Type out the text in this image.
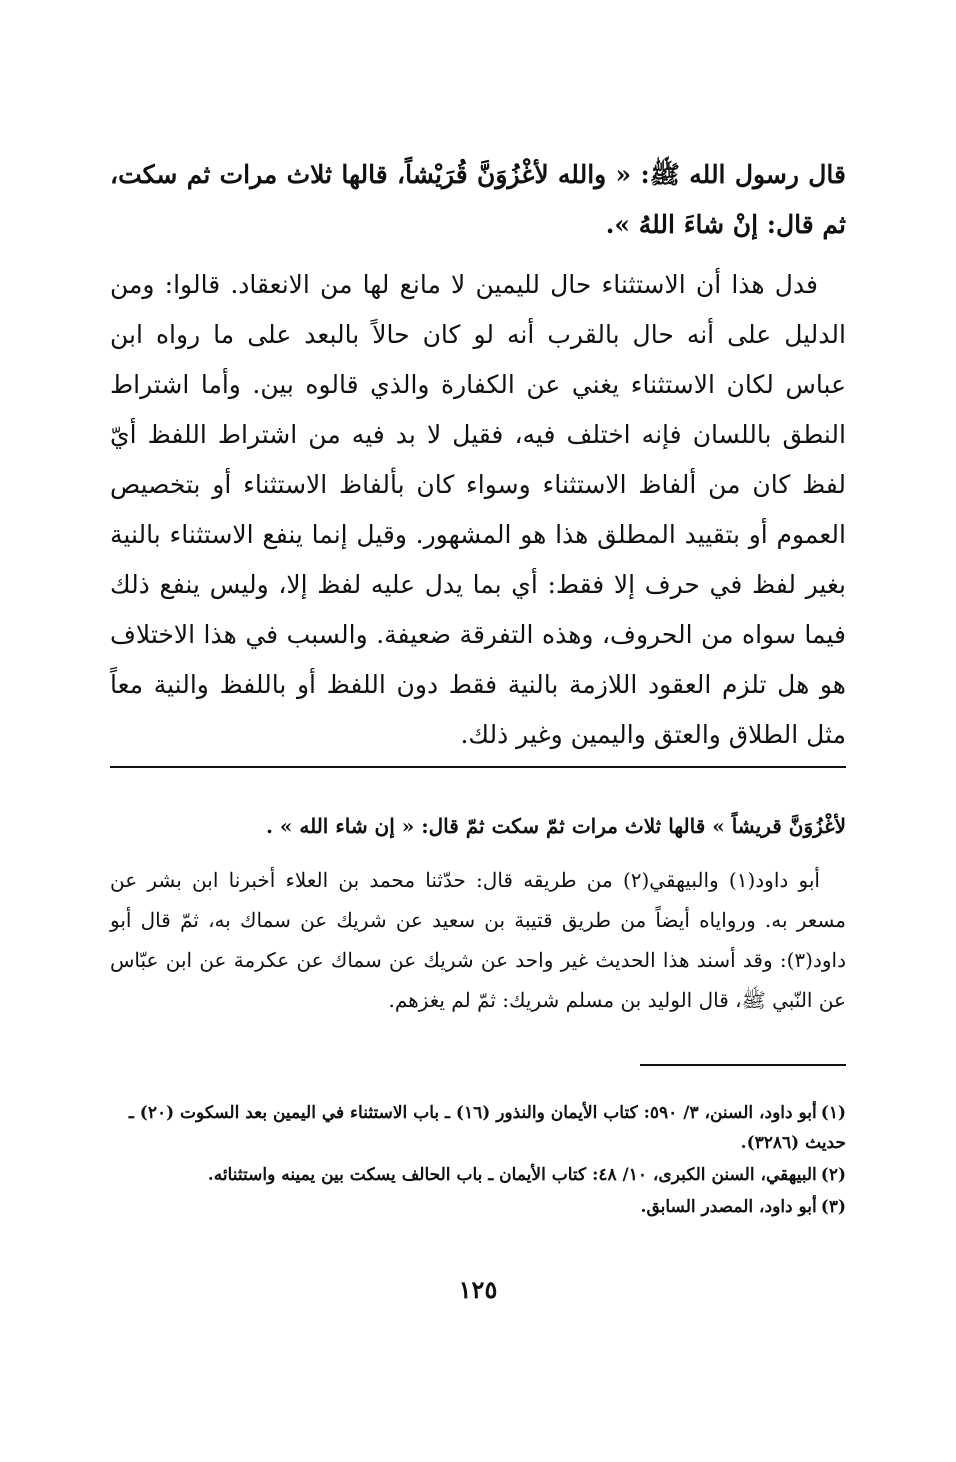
قال رسول الله ﷺ: « والله لأغْزُوَنَّ قُرَيْشاً، قالها ثلاث مرات ثم سكت، ثم قال: إنْ شاءَ اللهُ ».

فدل هذا أن الاستثناء حال لليمين لا مانع لها من الانعقاد. قالوا: ومن الدليل على أنه حال بالقرب أنه لو كان حالاً بالبعد على ما رواه ابن عباس لكان الاستثناء يغني عن الكفارة والذي قالوه بين. وأما اشتراط النطق باللسان فإنه اختلف فيه، فقيل لا بد فيه من اشتراط اللفظ أيّ لفظ كان من ألفاظ الاستثناء وسواء كان بألفاظ الاستثناء أو بتخصيص العموم أو بتقييد المطلق هذا هو المشهور. وقيل إنما ينفع الاستثناء بالنية بغير لفظ في حرف إلا فقط: أي بما يدل عليه لفظ إلا، وليس ينفع ذلك فيما سواه من الحروف، وهذه التفرقة ضعيفة. والسبب في هذا الاختلاف هو هل تلزم العقود اللازمة بالنية فقط دون اللفظ أو باللفظ والنية معاً مثل الطلاق والعتق واليمين وغير ذلك.

لأغْزُوَنَّ قريشاً » قالها ثلاث مرات ثمّ سكت ثمّ قال: « إن شاء الله » .

أبو داود(١) والبيهقي(٢) من طريقه قال: حدّثنا محمد بن العلاء أخبرنا ابن بشر عن مسعر به. ورواياه أيضاً من طريق قتيبة بن سعيد عن شريك عن سماك به، ثمّ قال أبو داود(٣): وقد أسند هذا الحديث غير واحد عن شريك عن سماك عن عكرمة عن ابن عبّاس عن النّبي ﷺ، قال الوليد بن مسلم شريك: ثمّ لم يغزهم.

(١)أبو داود، السنن، ٣/ ٥٩٠: كتاب الأيمان والنذور (١٦) ـ باب الاستثناء في اليمين بعد السكوت (٢٠) ـ حديث (٣٢٨٦).

(٢)البيهقي، السنن الكبرى، ١٠/ ٤٨: كتاب الأيمان ـ باب الحالف يسكت بين يمينه واستثنائه.

(٣)أبو داود، المصدر السابق.

١٢٥
